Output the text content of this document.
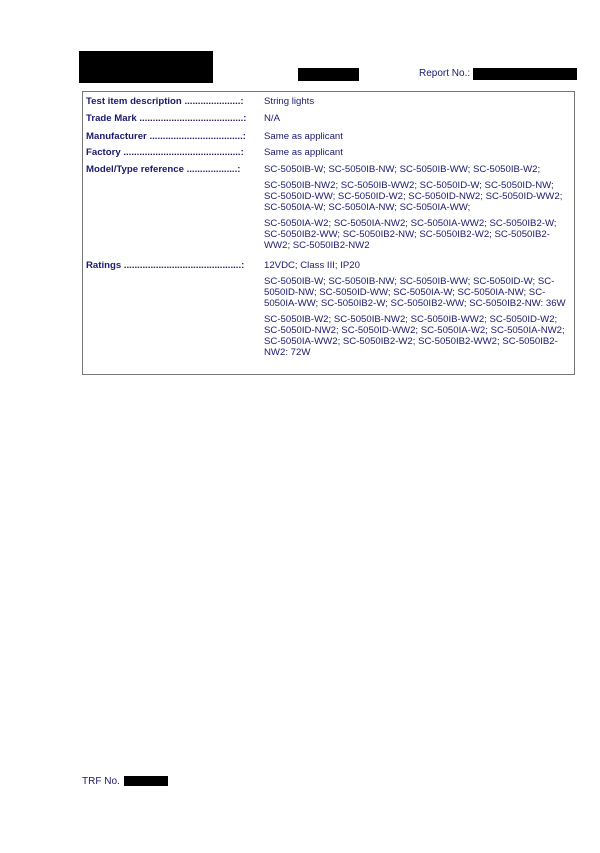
Report No.:
Test item description .....................:	String lights

Trade Mark .......................................:	N/A

Manufacturer ...................................:	Same as applicant

Factory ............................................:	Same as applicant

Model/Type reference ...................:	SC-5050IB-W; SC-5050IB-NW; SC-5050IB-WW; SC-5050IB-W2;

SC-5050IB-NW2; SC-5050IB-WW2; SC-5050ID-W; SC-5050ID-NW; SC-5050ID-WW; SC-5050ID-W2; SC-5050ID-NW2; SC-5050ID-WW2; SC-5050IA-W; SC-5050IA-NW; SC-5050IA-WW;

SC-5050IA-W2; SC-5050IA-NW2; SC-5050IA-WW2; SC-5050IB2-W; SC-5050IB2-WW; SC-5050IB2-NW; SC-5050IB2-W2; SC-5050IB2-WW2; SC-5050IB2-NW2

Ratings ............................................:	12VDC; Class III; IP20

SC-5050IB-W; SC-5050IB-NW; SC-5050IB-WW; SC-5050ID-W; SC-5050ID-NW; SC-5050ID-WW; SC-5050IA-W; SC-5050IA-NW; SC-5050IA-WW; SC-5050IB2-W; SC-5050IB2-WW; SC-5050IB2-NW: 36W

SC-5050IB-W2; SC-5050IB-NW2; SC-5050IB-WW2; SC-5050ID-W2; SC-5050ID-NW2; SC-5050ID-WW2; SC-5050IA-W2; SC-5050IA-NW2; SC-5050IA-WW2; SC-5050IB2-W2; SC-5050IB2-WW2; SC-5050IB2-NW2: 72W

TRF No.
